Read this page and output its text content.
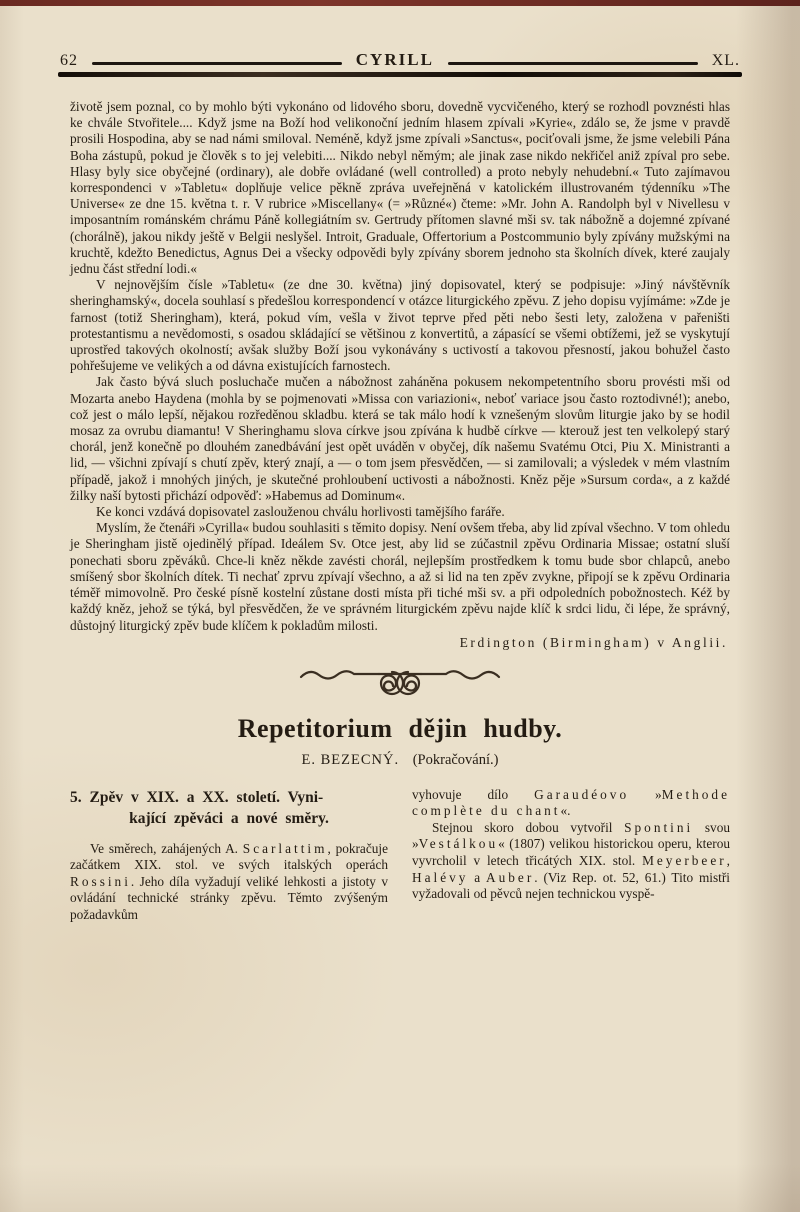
62	CYRILL	XL.

životě jsem poznal, co by mohlo býti vykonáno od lidového sboru, dovedně vycvičeného, který se rozhodl povznésti hlas ke chvále Stvořitele.... Když jsme na Boží hod velikonoční jedním hlasem zpívali »Kyrie«, zdálo se, že jsme v pravdě prosili Hospodina, aby se nad námi smiloval. Neméně, když jsme zpívali »Sanctus«, pociťovali jsme, že jsme velebili Pána Boha zástupů, pokud je člověk s to jej velebiti.... Nikdo nebyl němým; ale jinak zase nikdo nekřičel aniž zpíval pro sebe. Hlasy byly sice obyčejné (ordinary), ale dobře ovládané (well controlled) a proto nebyly nehudební.« Tuto zajímavou korrespondenci v »Tabletu« doplňuje velice pěkně zpráva uveřejněná v katolickém illustrovaném týdenníku »The Universe« ze dne 15. května t. r. V rubrice »Miscellany« (= »Různé«) čteme: »Mr. John A. Randolph byl v Nivellesu v imposantním románském chrámu Páně kollegiátním sv. Gertrudy přítomen slavné mši sv. tak nábožně a dojemné zpívané (chorálně), jakou nikdy ještě v Belgii neslyšel. Introit, Graduale, Offertorium a Postcommunio byly zpívány mužskými na kruchtě, kdežto Benedictus, Agnus Dei a všecky odpovědi byly zpívány sborem jednoho sta školních dívek, které zaujaly jednu část střední lodi.«

V nejnovějším čísle »Tabletu« (ze dne 30. května) jiný dopisovatel, který se podpisuje: »Jiný návštěvník sheringhamský«, docela souhlasí s předešlou korrespondencí v otázce liturgického zpěvu. Z jeho dopisu vyjímáme: »Zde je farnost (totiž Sheringham), která, pokud vím, vešla v život teprve před pěti nebo šesti lety, založena v pařeništi protestantismu a nevědomosti, s osadou skládající se většinou z konvertitů, a zápasící se všemi obtížemi, jež se vyskytují uprostřed takových okolností; avšak služby Boží jsou vykonávány s uctivostí a takovou přesností, jakou bohužel často pohřešujeme ve velikých a od dávna existujících farnostech.

Jak často bývá sluch posluchače mučen a nábožnost zaháněna pokusem nekompetentního sboru provésti mši od Mozarta anebo Haydena (mohla by se pojmenovati »Missa con variazioni«, neboť variace jsou často roztodivné!); anebo, což jest o málo lepší, nějakou rozředěnou skladbu. která se tak málo hodí k vznešeným slovům liturgie jako by se hodil mosaz za ovrubu diamantu! V Sheringhamu slova církve jsou zpívána k hudbě církve — kterouž jest ten velkolepý starý chorál, jenž konečně po dlouhém zanedbávání jest opět uváděn v obyčej, dík našemu Svatému Otci, Piu X. Ministranti a lid, — všichni zpívají s chutí zpěv, který znají, a — o tom jsem přesvědčen, — si zamilovali; a výsledek v mém vlastním případě, jakož i mnohých jiných, je skutečné prohloubení uctivosti a nábožnosti. Kněz pěje »Sursum corda«, a z každé žilky naší bytosti přichází odpověď: »Habemus ad Dominum«.

Ke konci vzdává dopisovatel zaslouženou chválu horlivosti tamějšího faráře.

Myslím, že čtenáři »Cyrilla« budou souhlasiti s těmito dopisy. Není ovšem třeba, aby lid zpíval všechno. V tom ohledu je Sheringham jistě ojedinělý případ. Ideálem Sv. Otce jest, aby lid se zúčastnil zpěvu Ordinaria Missae; ostatní sluší ponechati sboru zpěváků. Chce-li kněz někde zavésti chorál, nejlepším prostředkem k tomu bude sbor chlapců, anebo smíšený sbor školních dítek. Ti nechať zprvu zpívají všechno, a až si lid na ten zpěv zvykne, připojí se k zpěvu Ordinaria téměř mimovolně. Pro české písně kostelní zůstane dosti místa při tiché mši sv. a při odpoledních pobožnostech. Kéž by každý kněz, jehož se týká, byl přesvědčen, že ve správném liturgickém zpěvu najde klíč k srdci lidu, či lépe, že správný, důstojný liturgický zpěv bude klíčem k pokladům milosti.

Erdington (Birmingham) v Anglii.
Repetitorium dějin hudby.
E. BEZECNÝ. (Pokračování.)
5. Zpěv v XIX. a XX. století. Vyni-
kající zpěváci a nové směry.

Ve směrech, zahájených A. Scarlattim, pokračuje začátkem XIX. stol. ve svých italských operách Rossini. Jeho díla vyžadují veliké lehkosti a jistoty v ovládání technické stránky zpěvu. Těmto zvýšeným požadavkům

vyhovuje dílo Garaudéovo »Methode complète du chant«.

Stejnou skoro dobou vytvořil Spontini svou »Vestálkou« (1807) velikou historickou operu, kterou vyvrcholil v letech třicátých XIX. stol. Meyerbeer, Halévy a Auber. (Viz Rep. ot. 52, 61.) Tito mistři vyžadovali od pěvců nejen technickou vyspě-
